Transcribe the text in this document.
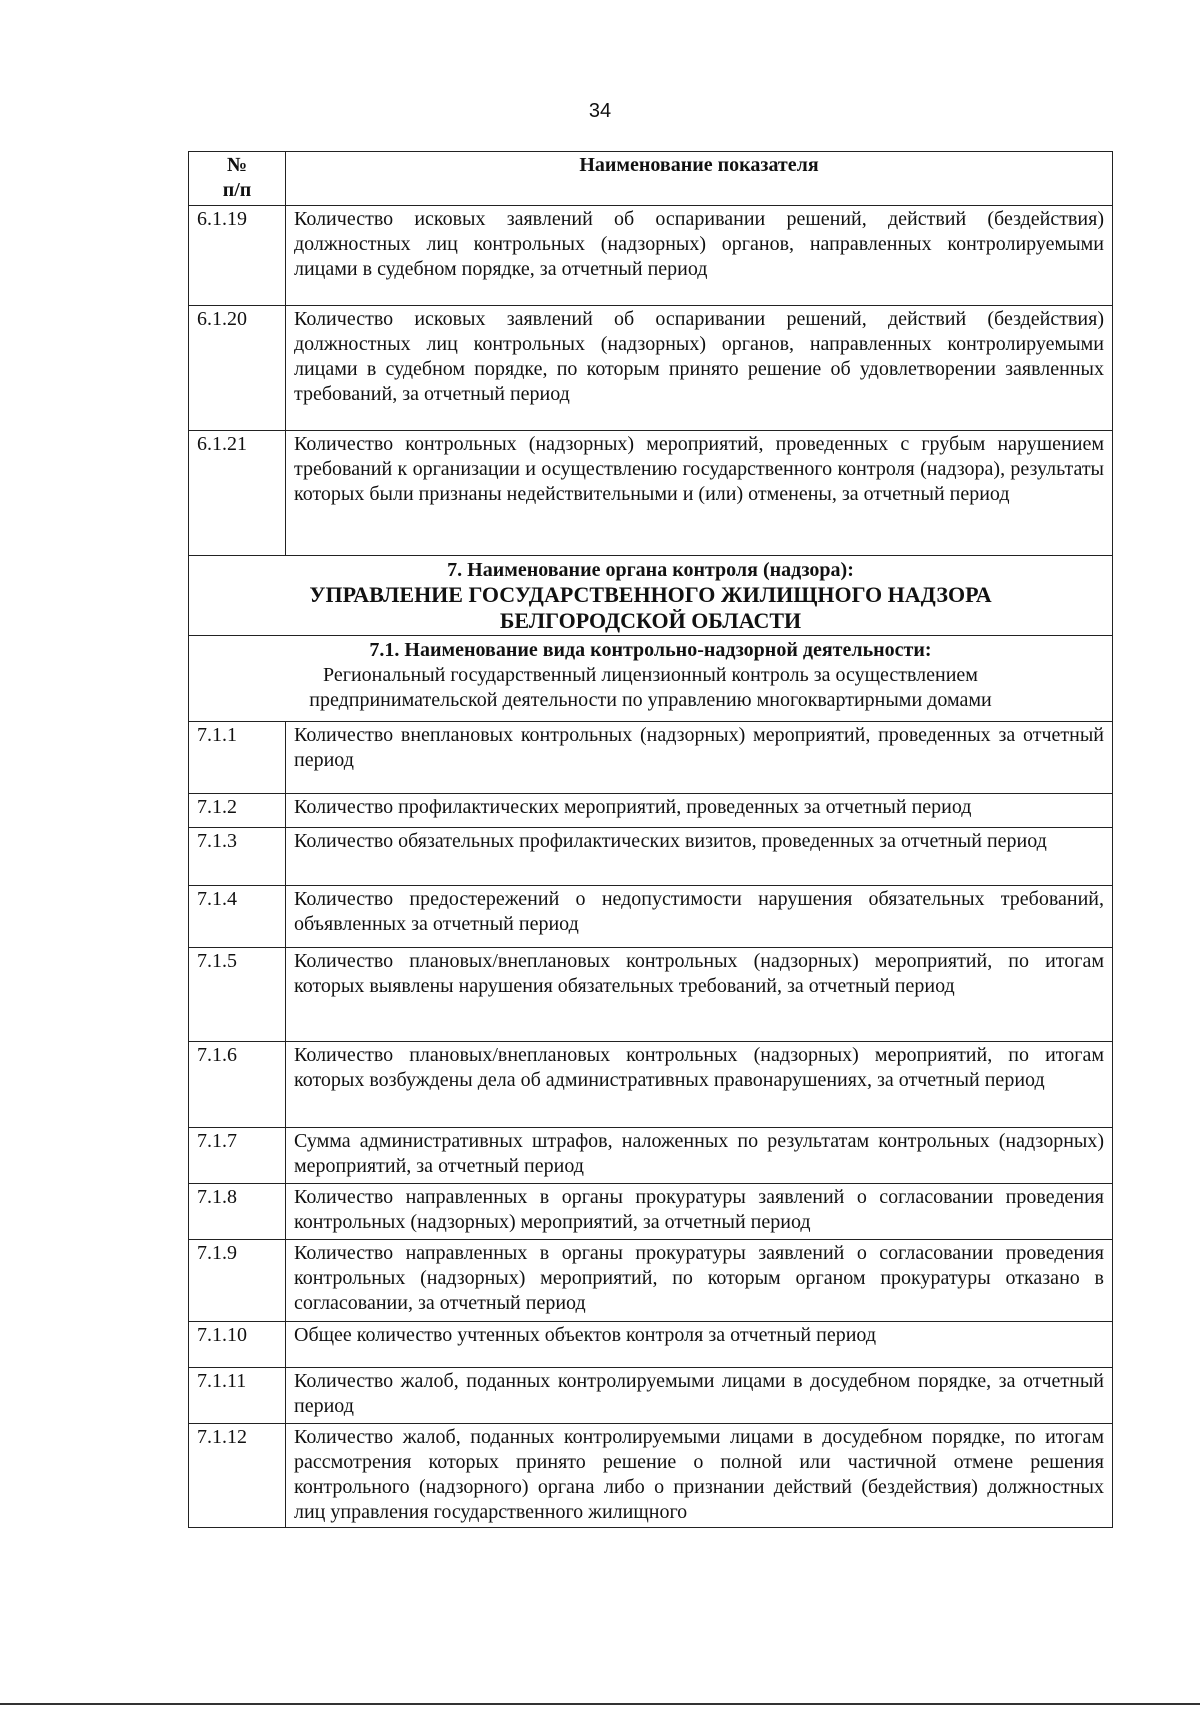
34
№
п/п	Наименование показателя
6.1.19	Количество исковых заявлений об оспаривании решений, действий (бездействия) должностных лиц контрольных (надзорных) органов, направленных контролируемыми лицами в судебном порядке, за отчетный период
6.1.20	Количество исковых заявлений об оспаривании решений, действий (бездействия) должностных лиц контрольных (надзорных) органов, направленных контролируемыми лицами в судебном порядке, по которым принято решение об удовлетворении заявленных требований, за отчетный период
6.1.21	Количество контрольных (надзорных) мероприятий, проведенных с грубым нарушением требований к организации и осуществлению государственного контроля (надзора), результаты которых были признаны недействительными и (или) отменены, за отчетный период

7. Наименование органа контроля (надзора):
УПРАВЛЕНИЕ ГОСУДАРСТВЕННОГО ЖИЛИЩНОГО НАДЗОРА
БЕЛГОРОДСКОЙ ОБЛАСТИ	

7.1. Наименование вида контрольно-надзорной деятельности:
Региональный государственный лицензионный контроль за осуществлением
предпринимательской деятельности по управлению многоквартирными домами	

7.1.1	Количество внеплановых контрольных (надзорных) мероприятий, проведенных за отчетный период
7.1.2	Количество профилактических мероприятий, проведенных за отчетный период
7.1.3	Количество обязательных профилактических визитов, проведенных за отчетный период
7.1.4	Количество предостережений о недопустимости нарушения обязательных требований, объявленных за отчетный период
7.1.5	Количество плановых/внеплановых контрольных (надзорных) мероприятий, по итогам которых выявлены нарушения обязательных требований, за отчетный период
7.1.6	Количество плановых/внеплановых контрольных (надзорных) мероприятий, по итогам которых возбуждены дела об административных правонарушениях, за отчетный период
7.1.7	Сумма административных штрафов, наложенных по результатам контрольных (надзорных) мероприятий, за отчетный период
7.1.8	Количество направленных в органы прокуратуры заявлений о согласовании проведения контрольных (надзорных) мероприятий, за отчетный период
7.1.9	Количество направленных в органы прокуратуры заявлений о согласовании проведения контрольных (надзорных) мероприятий, по которым органом прокуратуры отказано в согласовании, за отчетный период
7.1.10	Общее количество учтенных объектов контроля за отчетный период
7.1.11	Количество жалоб, поданных контролируемыми лицами в досудебном порядке, за отчетный период
7.1.12	Количество жалоб, поданных контролируемыми лицами в досудебном порядке, по итогам рассмотрения которых принято решение о полной или частичной отмене решения контрольного (надзорного) органа либо о признании действий (бездействия) должностных лиц управления государственного жилищного
